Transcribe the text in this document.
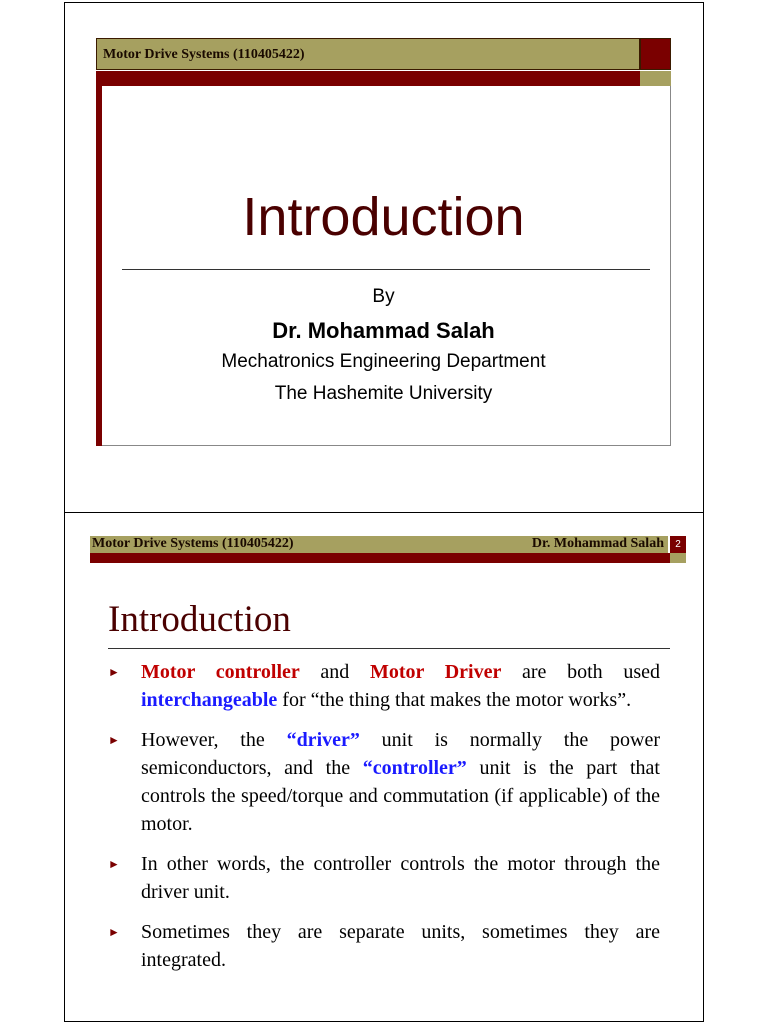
Motor Drive Systems (110405422)
Introduction
By
Dr. Mohammad Salah
Mechatronics Engineering Department
The Hashemite University
Motor Drive Systems (110405422)	Dr. Mohammad Salah	2
Introduction
► Motor controller and Motor Driver are both used interchangeable for “the thing that makes the motor works”.
► However, the “driver” unit is normally the power semiconductors, and the “controller” unit is the part that controls the speed/torque and commutation (if applicable) of the motor.
► In other words, the controller controls the motor through the driver unit.
► Sometimes they are separate units, sometimes they are integrated.
